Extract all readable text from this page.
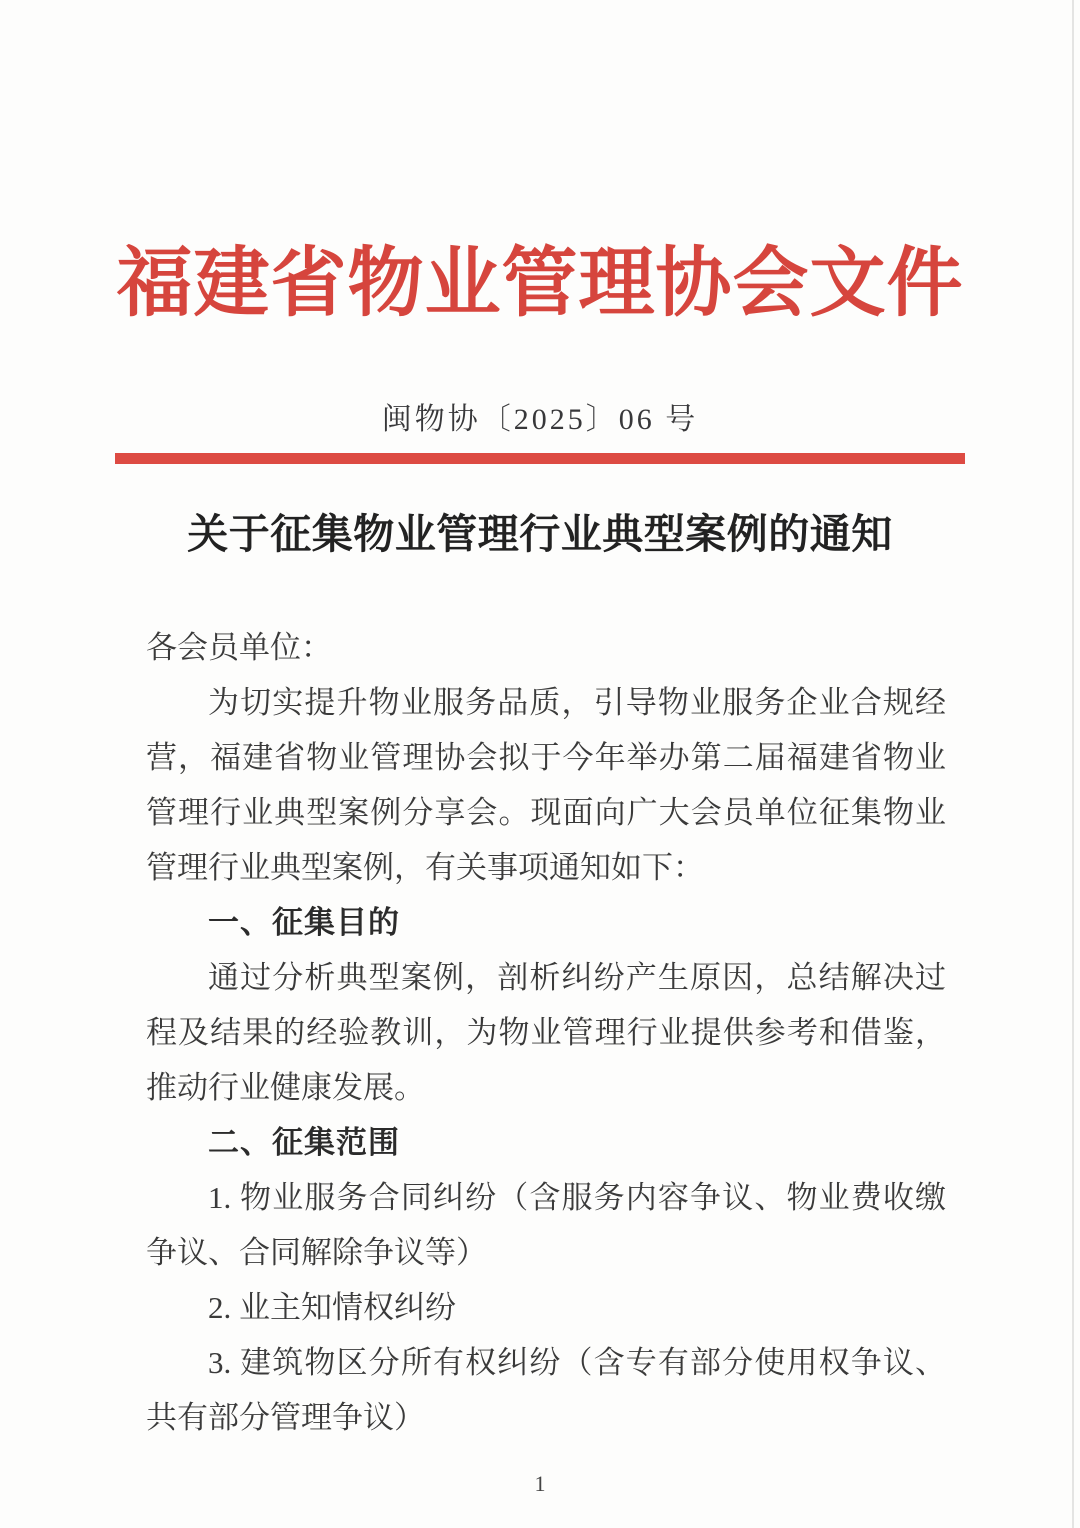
福建省物业管理协会文件
闽物协〔2025〕06 号
关于征集物业管理行业典型案例的通知

各会员单位：

为切实提升物业服务品质，引导物业服务企业合规经营，福建省物业管理协会拟于今年举办第二届福建省物业管理行业典型案例分享会。现面向广大会员单位征集物业管理行业典型案例，有关事项通知如下：

一、征集目的

通过分析典型案例，剖析纠纷产生原因，总结解决过程及结果的经验教训，为物业管理行业提供参考和借鉴，推动行业健康发展。

二、征集范围

1. 物业服务合同纠纷（含服务内容争议、物业费收缴争议、合同解除争议等）

2. 业主知情权纠纷

3. 建筑物区分所有权纠纷（含专有部分使用权争议、共有部分管理争议）

1
